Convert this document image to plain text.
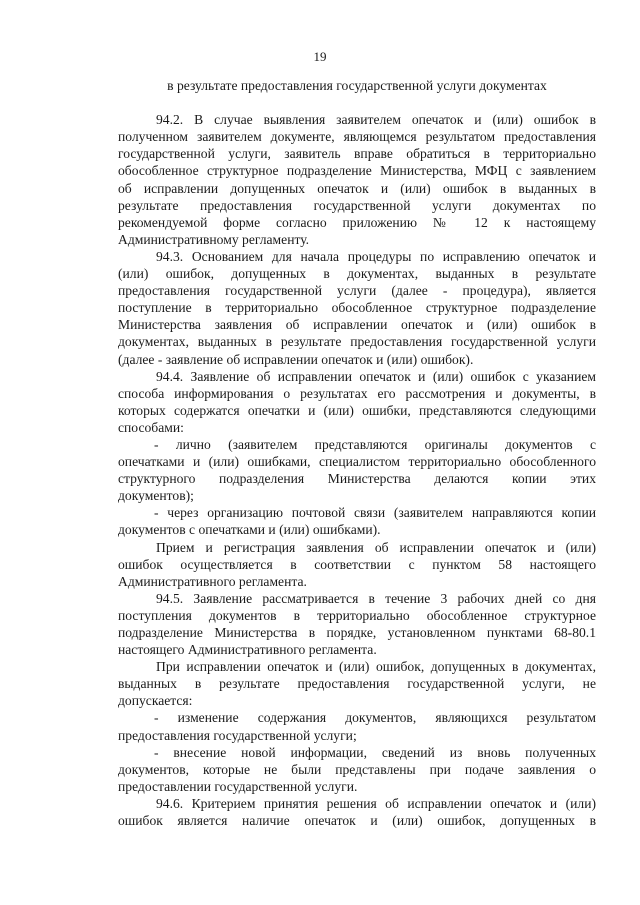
19
в результате предоставления государственной услуги документах
94.2. В случае выявления заявителем опечаток и (или) ошибок в
полученном заявителем документе, являющемся результатом предоставления
государственной услуги, заявитель вправе обратиться в территориально
обособленное структурное подразделение Министерства, МФЦ с заявлением
об исправлении допущенных опечаток и (или) ошибок в выданных в
результате предоставления государственной услуги документах по
рекомендуемой форме согласно приложению № 12 к настоящему
Административному регламенту.
94.3. Основанием для начала процедуры по исправлению опечаток и
(или) ошибок, допущенных в документах, выданных в результате
предоставления государственной услуги (далее - процедура), является
поступление в территориально обособленное структурное подразделение
Министерства заявления об исправлении опечаток и (или) ошибок в
документах, выданных в результате предоставления государственной услуги
(далее - заявление об исправлении опечаток и (или) ошибок).
94.4. Заявление об исправлении опечаток и (или) ошибок с указанием
способа информирования о результатах его рассмотрения и документы, в
которых содержатся опечатки и (или) ошибки, представляются следующими
способами:
- лично (заявителем представляются оригиналы документов с
опечатками и (или) ошибками, специалистом территориально обособленного
структурного подразделения Министерства делаются копии этих
документов);
- через организацию почтовой связи (заявителем направляются копии
документов с опечатками и (или) ошибками).
Прием и регистрация заявления об исправлении опечаток и (или)
ошибок осуществляется в соответствии с пунктом 58 настоящего
Административного регламента.
94.5. Заявление рассматривается в течение 3 рабочих дней со дня
поступления документов в территориально обособленное структурное
подразделение Министерства в порядке, установленном пунктами 68-80.1
настоящего Административного регламента.
При исправлении опечаток и (или) ошибок, допущенных в документах,
выданных в результате предоставления государственной услуги, не
допускается:
- изменение содержания документов, являющихся результатом
предоставления государственной услуги;
- внесение новой информации, сведений из вновь полученных
документов, которые не были представлены при подаче заявления о
предоставлении государственной услуги.
94.6. Критерием принятия решения об исправлении опечаток и (или)
ошибок является наличие опечаток и (или) ошибок, допущенных в
